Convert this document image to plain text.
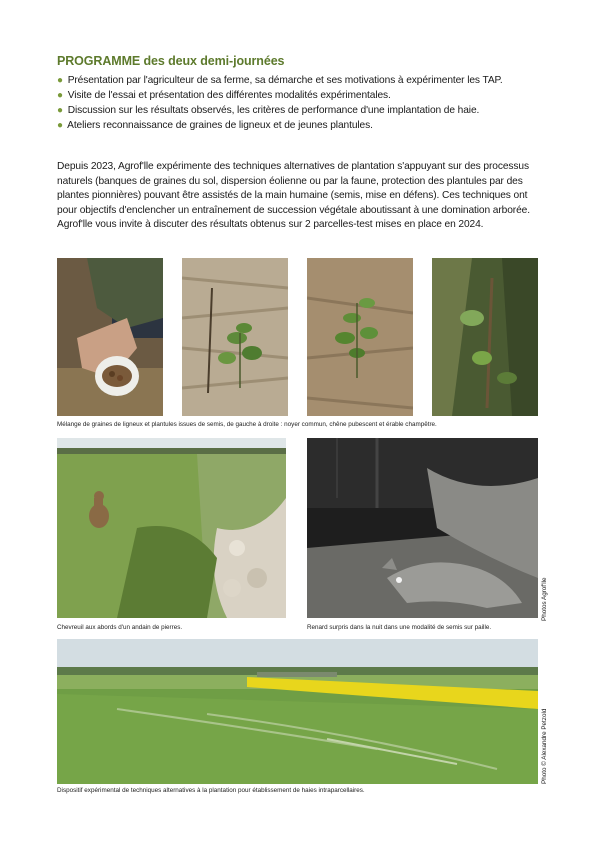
PROGRAMME des deux demi-journées
● Présentation par l'agriculteur de sa ferme, sa démarche et ses motivations à expérimenter les TAP.
● Visite de l'essai et présentation des différentes modalités expérimentales.
● Discussion sur les résultats observés, les critères de performance d'une implantation de haie.
● Ateliers reconnaissance de graines de ligneux et de jeunes plantules.

Depuis 2023, Agrof'lle expérimente des techniques alternatives de plantation s'appuyant sur des processus naturels (banques de graines du sol, dispersion éolienne ou par la faune, protection des plantules par des plantes pionnières) pouvant être assistés de la main humaine (semis, mise en défens). Ces techniques ont pour objectifs d'enclencher un entraînement de succession végétale aboutissant à une domination arborée. Agrof'lle vous invite à discuter des résultats obtenus sur 2 parcelles-test mises en place en 2024.

Mélange de graines de ligneux et plantules issues de semis, de gauche à droite : noyer commun, chêne pubescent et érable champêtre.

Chevreuil aux abords d'un andain de pierres.	Renard surpris dans la nuit dans une modalité de semis sur paille.

Photos Agrof'lle
Photo © Alexandre Petzold

Dispositif expérimental de techniques alternatives à la plantation pour établissement de haies intraparcellaires.
